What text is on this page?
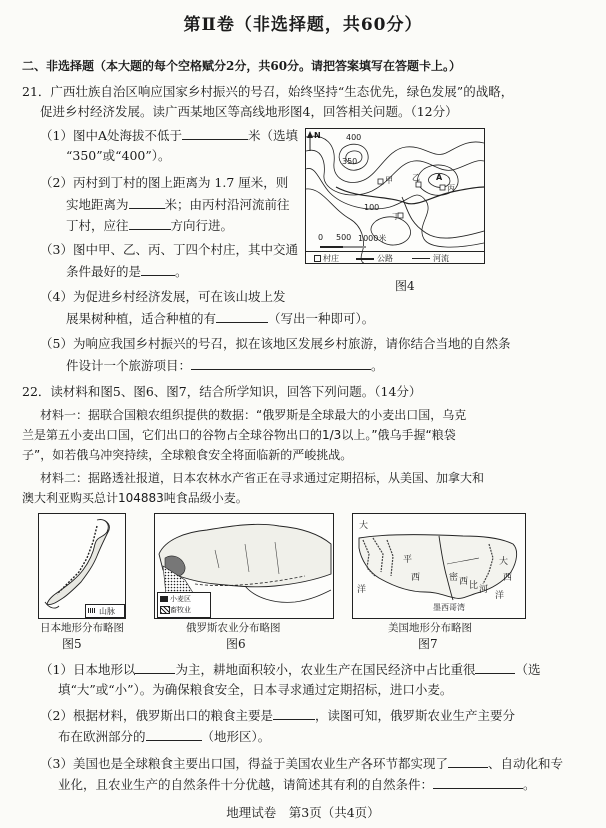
第Ⅱ卷（非选择题，共60分）
二、非选择题（本大题的每个空格赋分2分，共60分。请把答案填写在答题卡上。）
21．广西壮族自治区响应国家乡村振兴的号召，始终坚持“生态优先，绿色发展”的战略，
促进乡村经济发展。读广西某地区等高线地形图4，回答相关问题。（12分）
（1）图中A处海拔不低于	米（选填
“350”或“400”）。
（2）丙村到丁村的图上距离为 1.7 厘米，则
实地距离为	米；由丙村沿河流前往
丁村，应往	方向行进。
（3）图中甲、乙、丙、丁四个村庄，其中交通
条件最好的是	。
（4）为促进乡村经济发展，可在该山坡上发
展果树种植，适合种植的有	（写出一种即可）。
（5）为响应我国乡村振兴的号召，拟在该地区发展乡村旅游，请你结合当地的自然条
件设计一个旅游项目：	。
N	400
350
100
甲 乙
丙
丁
A
0 500 1000米
村庄	公路	河流
图4
22．读材料和图5、图6、图7，结合所学知识，回答下列问题。（14分）
材料一：据联合国粮农组织提供的数据：“俄罗斯是全球最大的小麦出口国，乌克
兰是第五小麦出口国，它们出口的谷物占全球谷物出口的1/3以上。”俄乌手握“粮袋
子”，如若俄乌冲突持续，全球粮食安全将面临新的严峻挑战。
材料二：据路透社报道，日本农林水产省正在寻求通过定期招标，从美国、加拿大和
澳大利亚购买总计104883吨食品级小麦。
山脉
日本地形分布略图
图5
小麦区
畜牧业
俄罗斯农业分布略图
图6
大
洋
平
西	密 西 比 河
墨西哥湾
大
西
洋
美国地形分布略图
图7
（1）日本地形以	为主，耕地面积较小，农业生产在国民经济中占比重很	（选
填“大”或“小”）。为确保粮食安全，日本寻求通过定期招标，进口小麦。
（2）根据材料，俄罗斯出口的粮食主要是	，读图可知，俄罗斯农业生产主要分
布在欧洲部分的	（地形区）。
（3）美国也是全球粮食主要出口国，得益于美国农业生产各环节都实现了	、自动化和专
业化，且农业生产的自然条件十分优越，请简述其有利的自然条件：	。
地理试卷　第3页（共4页）
